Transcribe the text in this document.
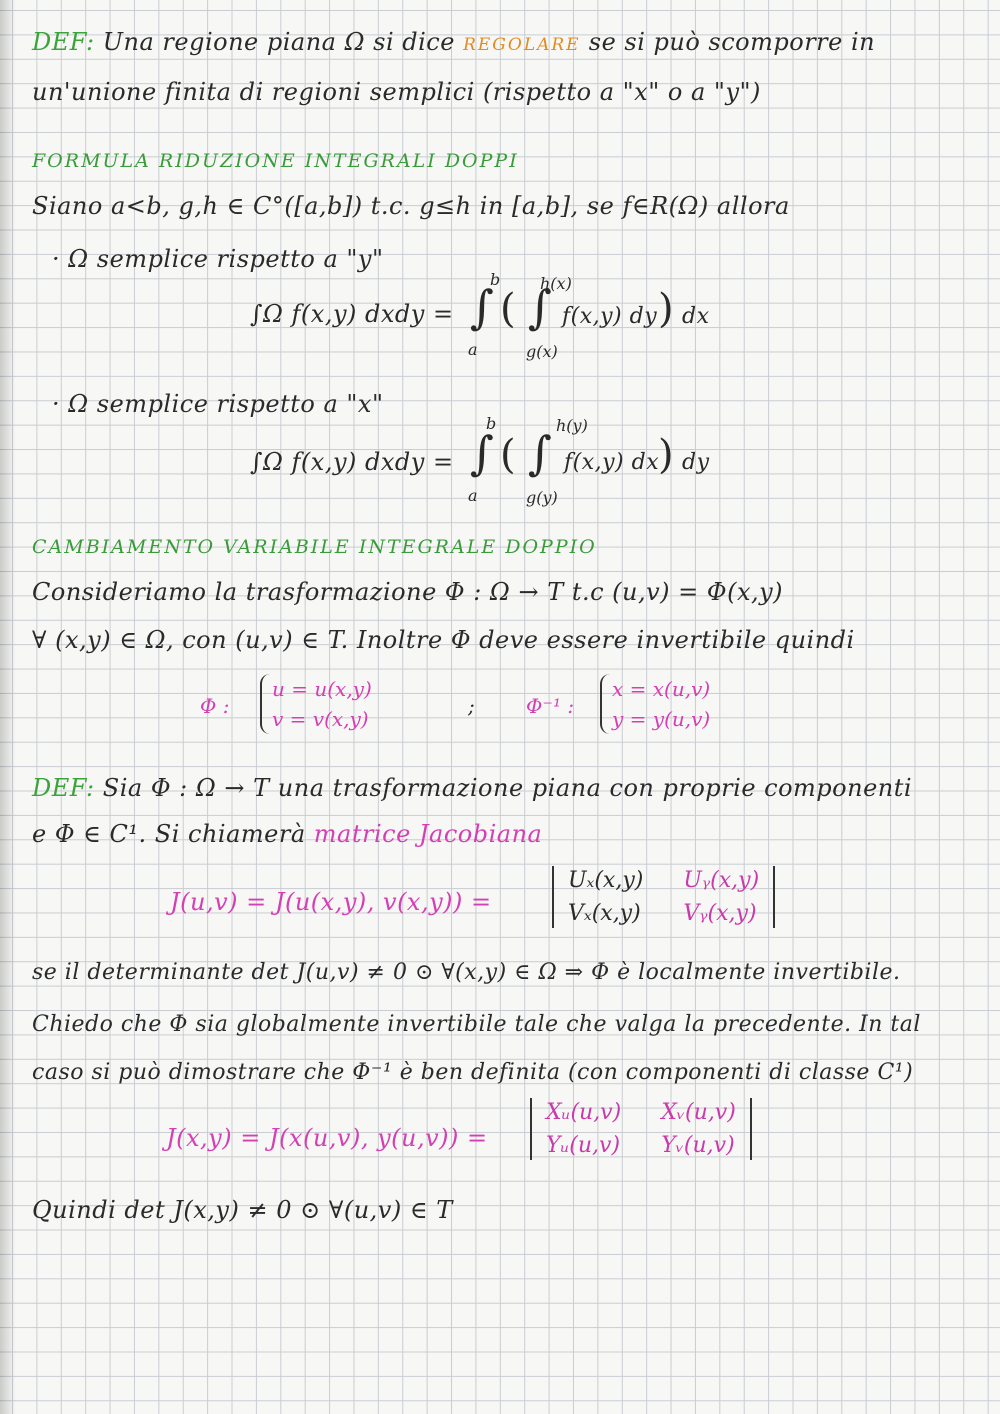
DEF: Una regione piana Ω si dice REGOLARE se si può scomporre in
un'unione finita di regioni semplici (rispetto a "x" o a "y")
FORMULA RIDUZIONE INTEGRALI DOPPI
Siano a<b, g,h ∈ C°([a,b]) t.c. g≤h in [a,b], se f∈R(Ω) allora
· Ω semplice rispetto a "y"
∫Ω f(x,y) dxdy = ∫
b
a
( ∫
h(x)
g(x)
f(x,y) dy ) dx
· Ω semplice rispetto a "x"
∫Ω f(x,y) dxdy = ∫
b
a
( ∫
h(y)
g(y)
f(x,y) dx
) dy
CAMBIAMENTO VARIABILE INTEGRALE DOPPIO
Consideriamo la trasformazione Φ : Ω → T t.c (u,v) = Φ(x,y)
∀ (x,y) ∈ Ω, con (u,v) ∈ T. Inoltre Φ deve essere invertibile quindi
Φ :
u = u(x,y)
v = v(x,y)
;	Φ⁻¹ :
x = x(u,v)
y = y(u,v)
DEF: Sia Φ : Ω → T una trasformazione piana con proprie componenti
e Φ ∈ C¹. Si chiamerà matrice Jacobiana
J(u,v) = J(u(x,y), v(x,y)) =
Uₓ(x,y) Uᵧ(x,y)
Vₓ(x,y) Vᵧ(x,y)
se il determinante det J(u,v) ≠ 0 ⊙ ∀(x,y) ∈ Ω ⇒ Φ è localmente invertibile.
Chiedo che Φ sia globalmente invertibile tale che valga la precedente. In tal
caso si può dimostrare che Φ⁻¹ è ben definita (con componenti di classe C¹)
J(x,y) = J(x(u,v), y(u,v)) =
Xᵤ(u,v) Xᵥ(u,v)
Yᵤ(u,v) Yᵥ(u,v)
Quindi det J(x,y) ≠ 0 ⊙ ∀(u,v) ∈ T
